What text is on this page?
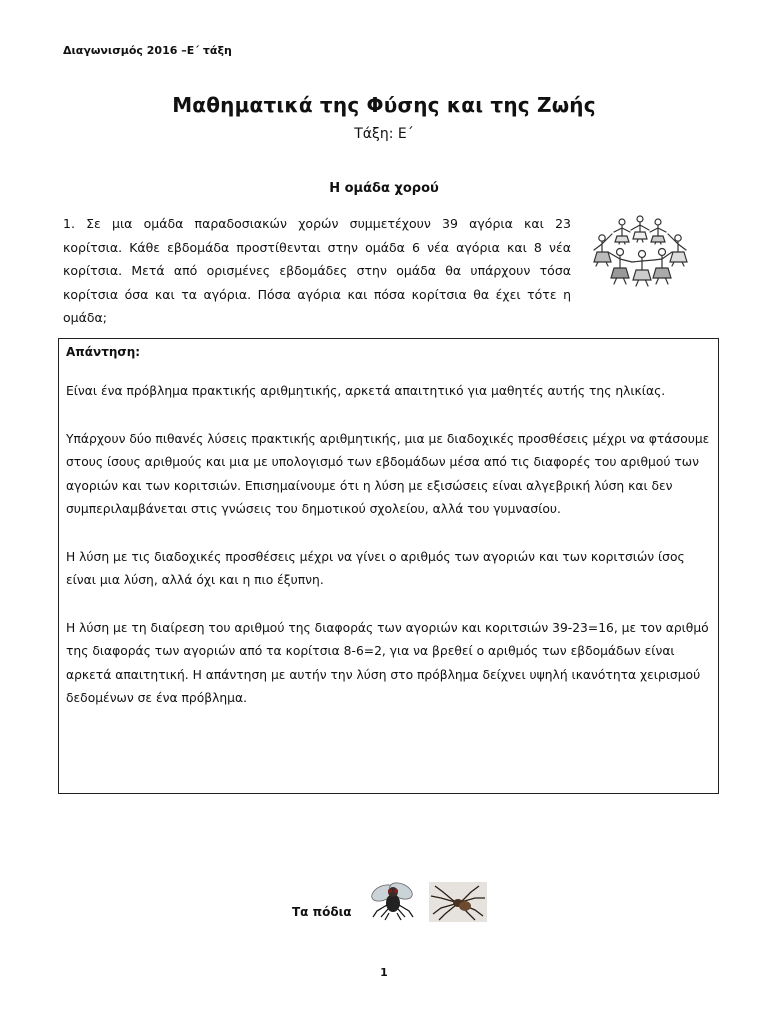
Διαγωνισμός 2016 –Ε΄ τάξη
Μαθηματικά της Φύσης και της Ζωής
Τάξη: Ε΄
Η ομάδα χορού
1. Σε μια ομάδα παραδοσιακών χορών συμμετέχουν 39 αγόρια και 23 κορίτσια. Κάθε εβδομάδα προστίθενται στην ομάδα 6 νέα αγόρια και 8 νέα κορίτσια. Μετά από ορισμένες εβδομάδες στην ομάδα θα υπάρχουν τόσα κορίτσια όσα και τα αγόρια. Πόσα αγόρια και πόσα κορίτσια θα έχει τότε η ομάδα;
Απάντηση:

Είναι ένα πρόβλημα πρακτικής αριθμητικής, αρκετά απαιτητικό για μαθητές αυτής της ηλικίας.

Υπάρχουν δύο πιθανές λύσεις πρακτικής αριθμητικής, μια με διαδοχικές προσθέσεις μέχρι να φτάσουμε στους ίσους αριθμούς και μια με υπολογισμό των εβδομάδων μέσα από τις διαφορές του αριθμού των αγοριών και των κοριτσιών. Επισημαίνουμε ότι η λύση με εξισώσεις είναι αλγεβρική λύση και δεν συμπεριλαμβάνεται στις γνώσεις του δημοτικού σχολείου, αλλά του γυμνασίου.

Η λύση με τις διαδοχικές προσθέσεις μέχρι να γίνει ο αριθμός των αγοριών και των κοριτσιών ίσος είναι μια λύση, αλλά όχι και η πιο έξυπνη.

Η λύση με τη διαίρεση του αριθμού της διαφοράς των αγοριών και κοριτσιών 39-23=16, με τον αριθμό της διαφοράς των αγοριών από τα κορίτσια 8-6=2, για να βρεθεί ο αριθμός των εβδομάδων είναι αρκετά απαιτητική. Η απάντηση με αυτήν την λύση στο πρόβλημα δείχνει υψηλή ικανότητα χειρισμού δεδομένων σε ένα πρόβλημα.

Τα πόδια
1
